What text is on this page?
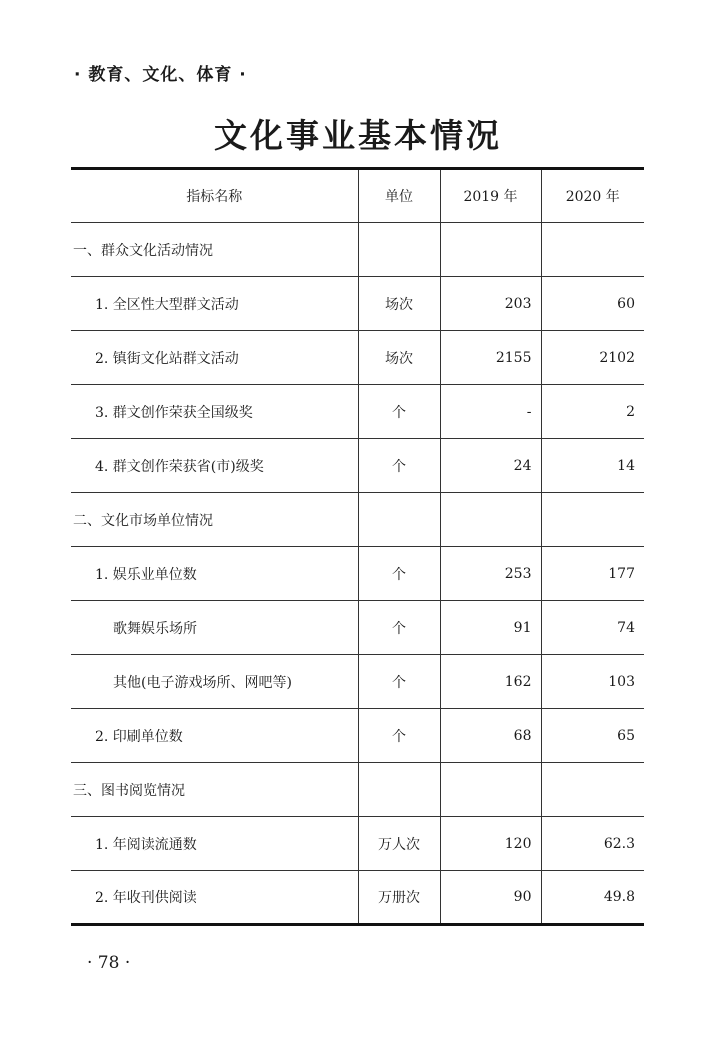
· 教育、文化、体育 ·
文化事业基本情况
指标名称	单位	2019 年	2020 年
一、群众文化活动情况			
1. 全区性大型群文活动	场次	203	60
2. 镇街文化站群文活动	场次	2155	2102
3. 群文创作荣获全国级奖	个	-	2
4. 群文创作荣获省(市)级奖	个	24	14
二、文化市场单位情况			
1. 娱乐业单位数	个	253	177
歌舞娱乐场所	个	91	74
其他(电子游戏场所、网吧等)	个	162	103
2. 印刷单位数	个	68	65
三、图书阅览情况			
1. 年阅读流通数	万人次	120	62.3
2. 年收刊供阅读	万册次	90	49.8
· 78 ·
